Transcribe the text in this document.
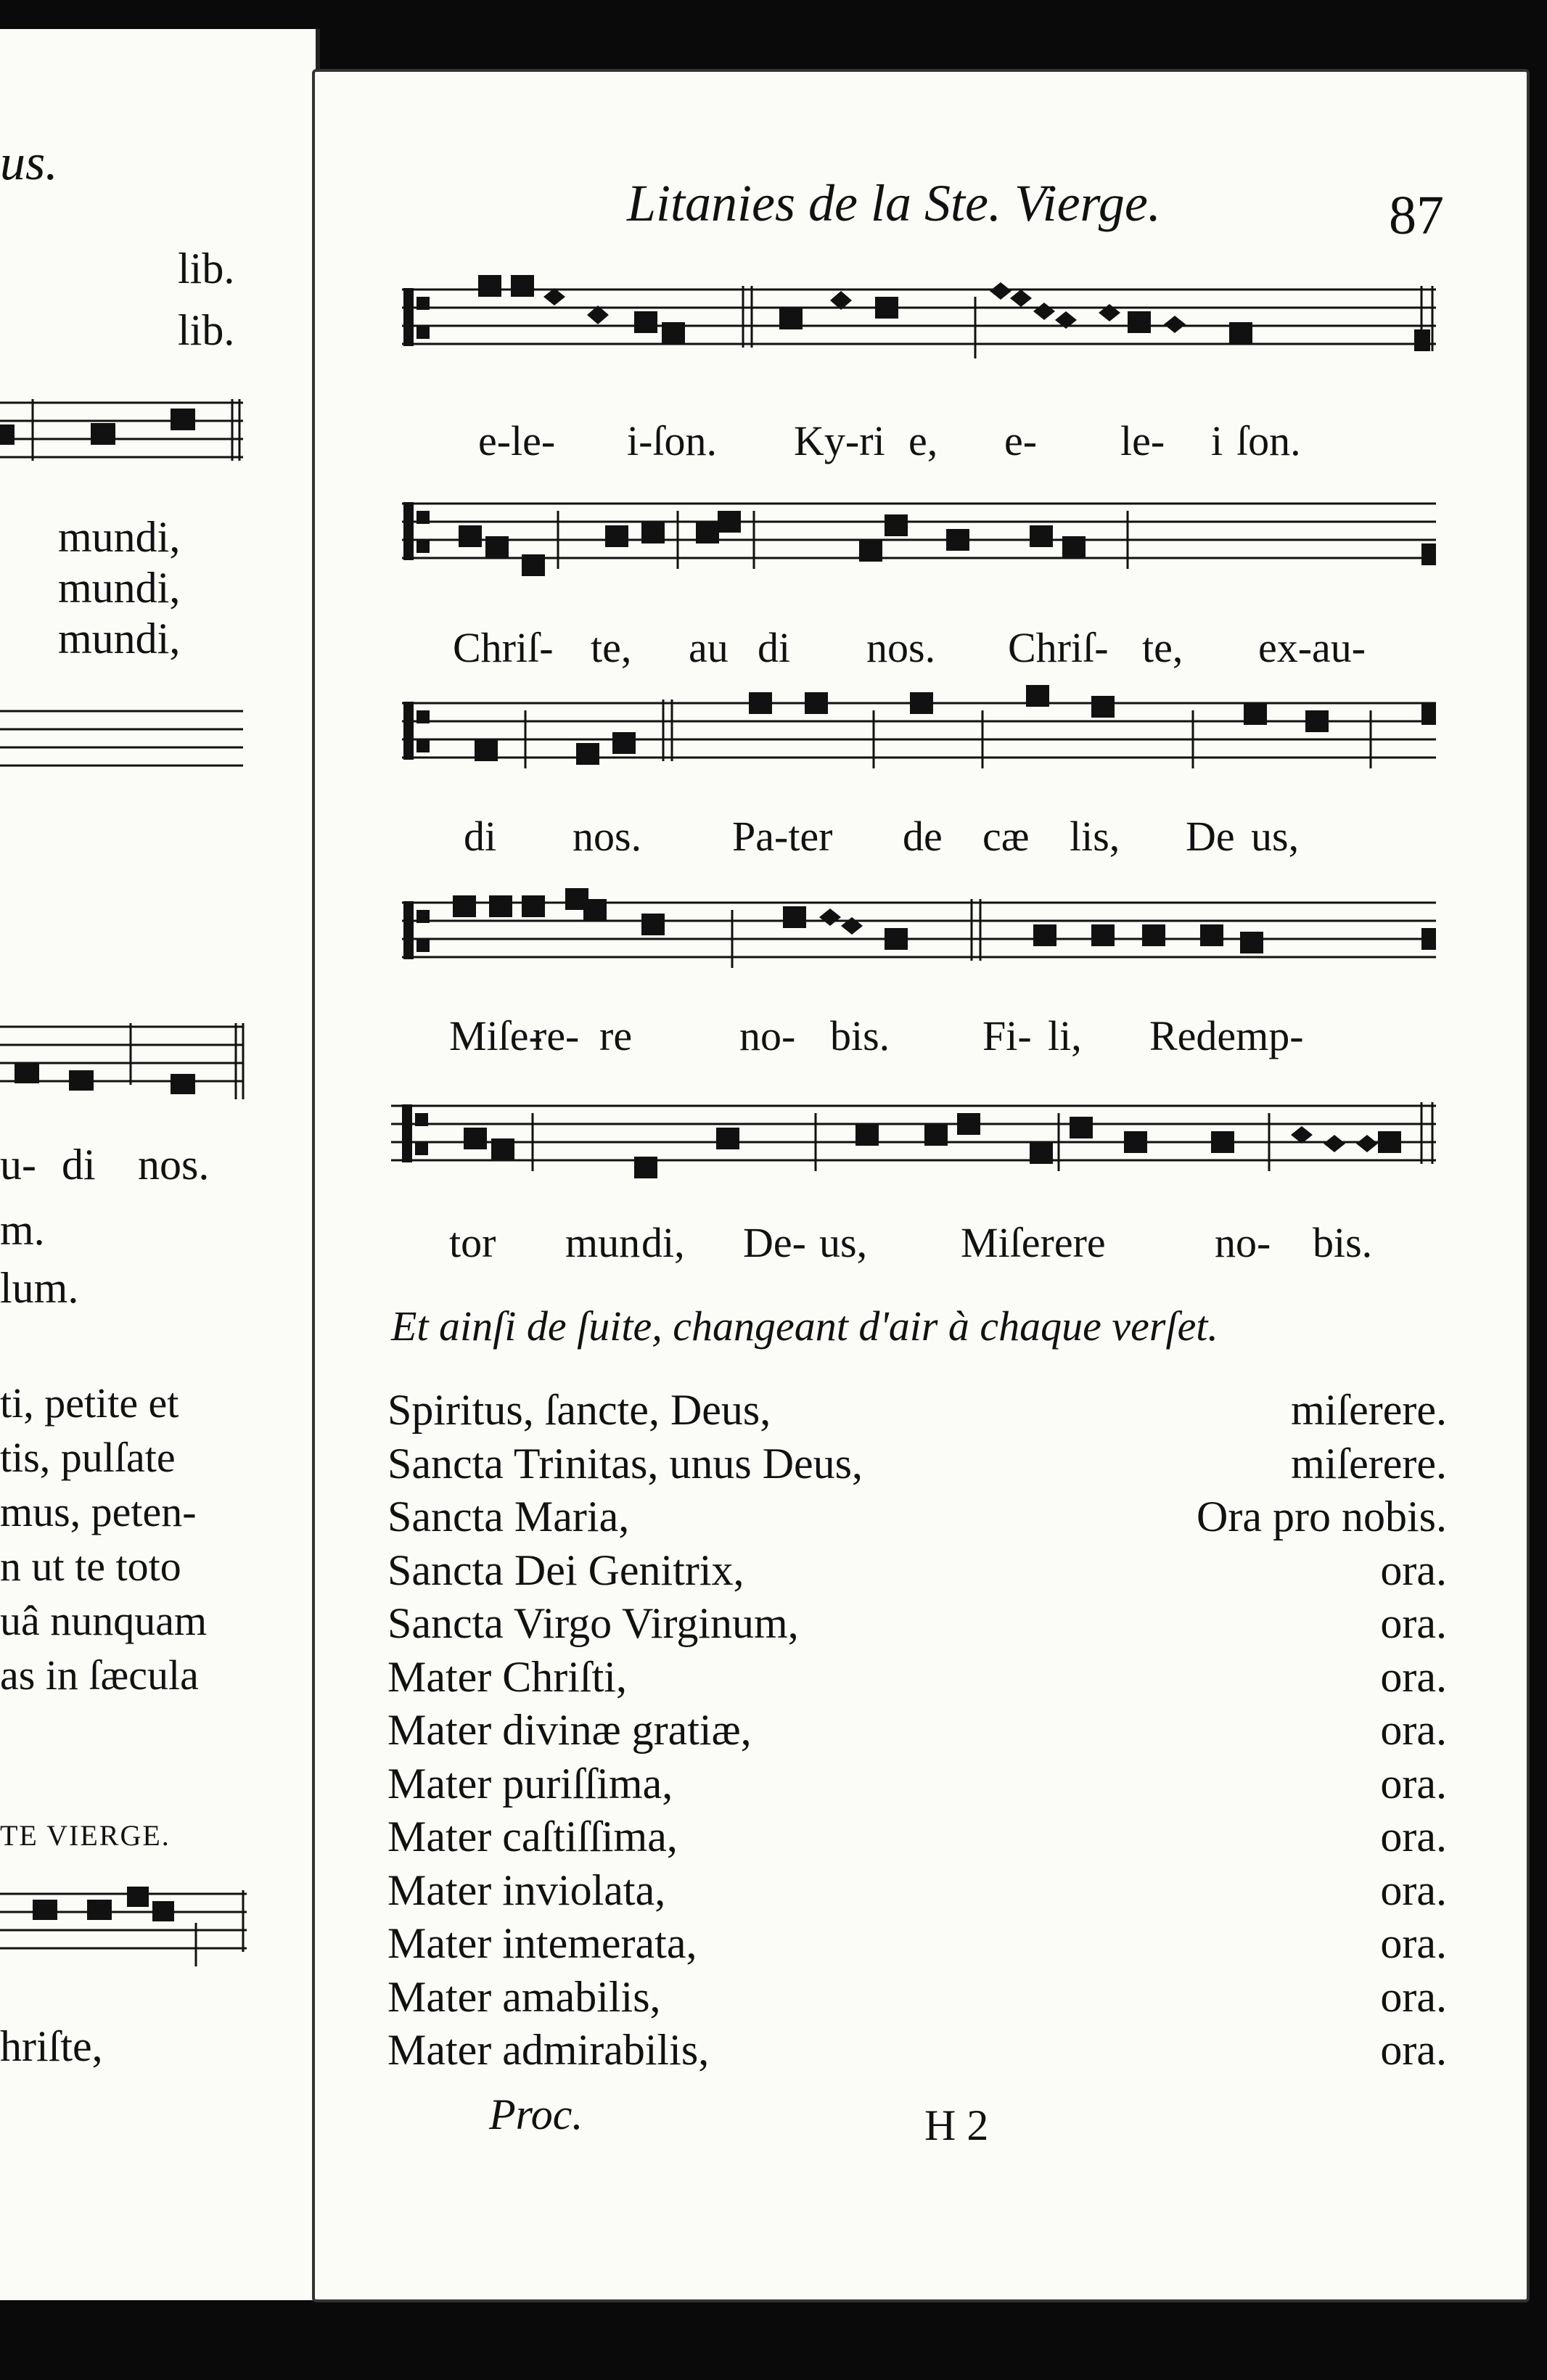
us.
lib.
lib.
mundi,
mundi,
mundi,
u- di nos.
m.
lum.
ti, petite et
tis, pulſate
mus, peten-
n ut te toto
uâ nunquam
as in ſæcula
TE VIERGE.
hriſte,
Litanies de la Ste. Vierge.	87
e-le- i-ſon. Ky-ri e, e- le- i ſon.
Chriſ- te, au di nos. Chriſ- te, ex-au-
di nos. Pa-ter de cæ lis, De us,
Miſe-
re- re	no- bis. Fi- li, Redemp-
tor mun di, De- us, Miſerere	no- bis.
Et ainſi de ſuite, changeant d'air à chaque verſet.
Spiritus, ſancte, Deus,	miſerere.
Sancta Trinitas, unus Deus,	miſerere.
Sancta Maria,	Ora pro nobis.
Sancta Dei Genitrix,	ora.
Sancta Virgo Virginum,	ora.
Mater Chriſti,	ora.
Mater divinæ gratiæ,	ora.
Mater puriſſima,	ora.
Mater caſtiſſima,	ora.
Mater inviolata,	ora.
Mater intemerata,	ora.
Mater amabilis,	ora.
Mater admirabilis,	ora.
Proc.	H 2
